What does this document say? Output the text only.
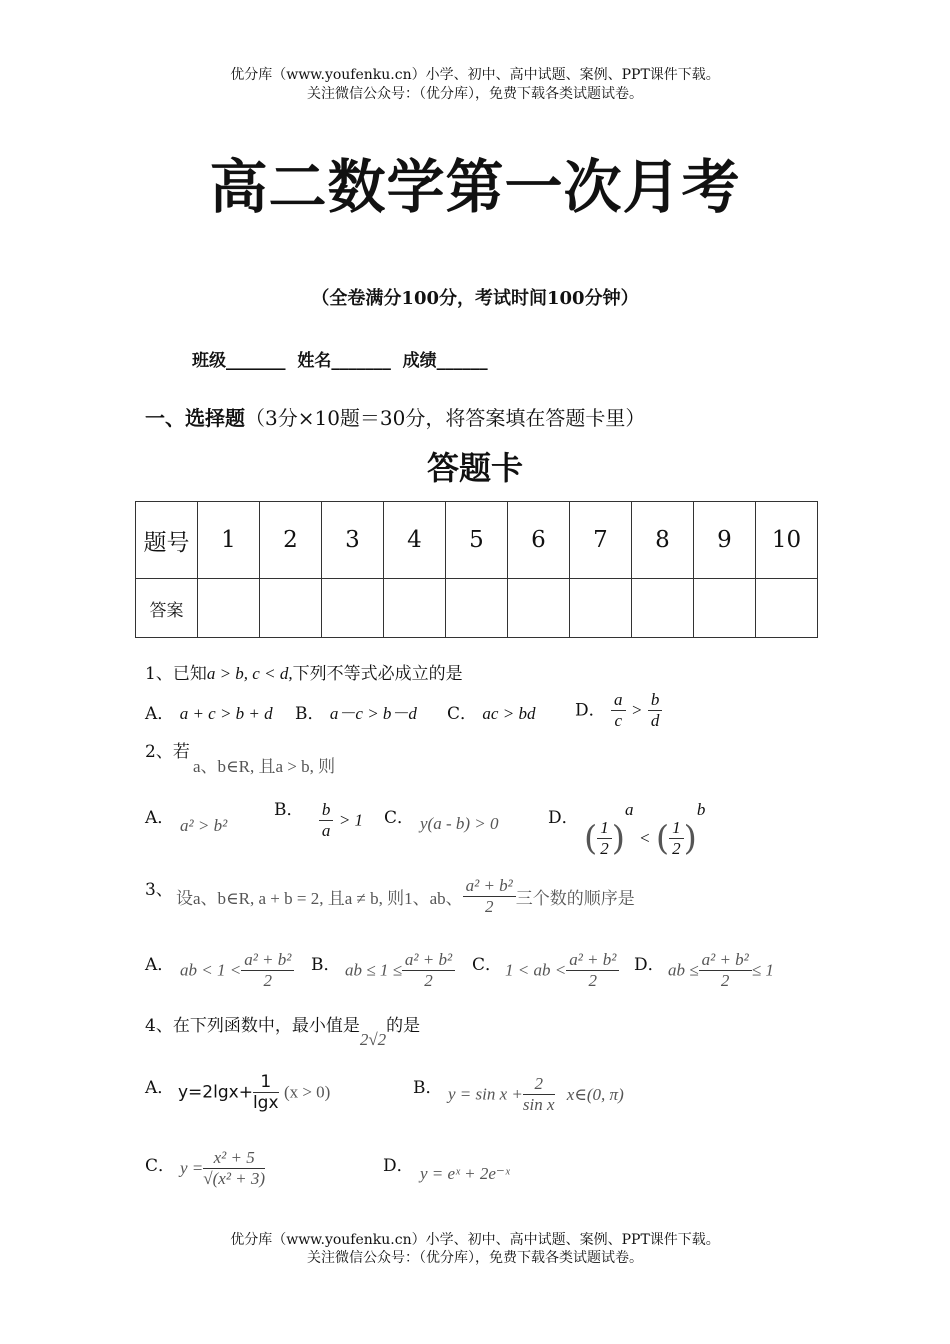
优分库（www.youfenku.cn）小学、初中、高中试题、案例、PPT课件下载。
关注微信公众号：（优分库），免费下载各类试题试卷。
高二数学第一次月考
（全卷满分100分，考试时间100分钟）
班级_______  姓名_______  成绩______
一、选择题（3分×10题＝30分，将答案填在答题卡里）
答题卡
题号	1	2	3	4	5	6	7	8	9	10
答案										
1、已知a > b, c < d,下列不等式必成立的是
A． a + c > b + d B． a－c > b－d C． ac > bd D． $\frac{a}{c} > \frac{b}{d}$
2、若
a、b∈R, 且a > b, 则
A． a² > b²
B． $\frac{b}{a} > 1$ C． y(a - b) > 0	D．
( $\frac{1}{2} )^a$ < ( $\frac{1}{2} )^b$
3、 设a、b∈R, a + b = 2, 且a ≠ b, 则1、ab、 $\frac{\text{a² + b²}}{2}$ 三个数的顺序是
A． ab < $1 < \frac{\text{a² + b²}}{2}$ B． ab ≤ $1 \le \frac{\text{a² + b²}}{2}$ C． 1 < ab < $\frac{\text{a² + b²}}{2}$ D． ab ≤ $\frac{\text{a² + b²}}{2} \le 1$
4、在下列函数中，最小值是2√2的是
A． $y=2\lg x+ \frac{1}{\lg x} (x > 0)$	B． $y = \sin x + \frac{2}{\text{sin x}}$ x∈(0, π)
C． $y = \frac{\text{x² + 5}}{\text{√(x² + 3)}}$	D． y = eˣ + 2e⁻ˣ
优分库（www.youfenku.cn）小学、初中、高中试题、案例、PPT课件下载。
关注微信公众号：（优分库），免费下载各类试题试卷。
